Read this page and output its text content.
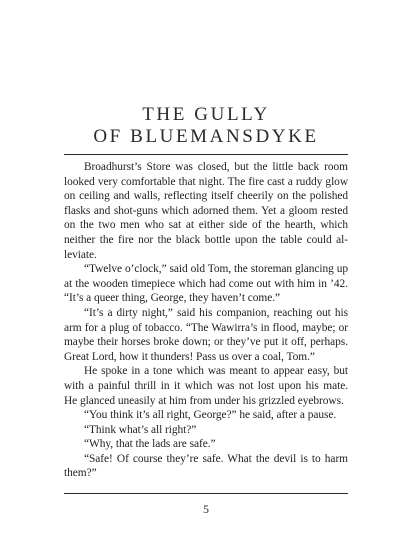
THE GULLY
OF BLUEMANSDYKE
Broadhurst’s Store was closed, but the little back room
looked very comfortable that night. The fire cast a ruddy glow
on ceiling and walls, reflecting itself cheerily on the polished
flasks and shot-guns which adorned them. Yet a gloom rested
on the two men who sat at either side of the hearth, which
neither the fire nor the black bottle upon the table could al-
leviate.
“Twelve o’clock,” said old Tom, the storeman glancing up
at the wooden timepiece which had come out with him in ’42.
“It’s a queer thing, George, they haven’t come.”
“It’s a dirty night,” said his companion, reaching out his
arm for a plug of tobacco. “The Wawirra’s in flood, maybe; or
maybe their horses broke down; or they’ve put it off, perhaps.
Great Lord, how it thunders! Pass us over a coal, Tom.”
He spoke in a tone which was meant to appear easy, but
with a painful thrill in it which was not lost upon his mate.
He glanced uneasily at him from under his grizzled eyebrows.
“You think it’s all right, George?” he said, after a pause.
“Think what’s all right?”
“Why, that the lads are safe.”
“Safe! Of course they’re safe. What the devil is to harm
them?”
5
